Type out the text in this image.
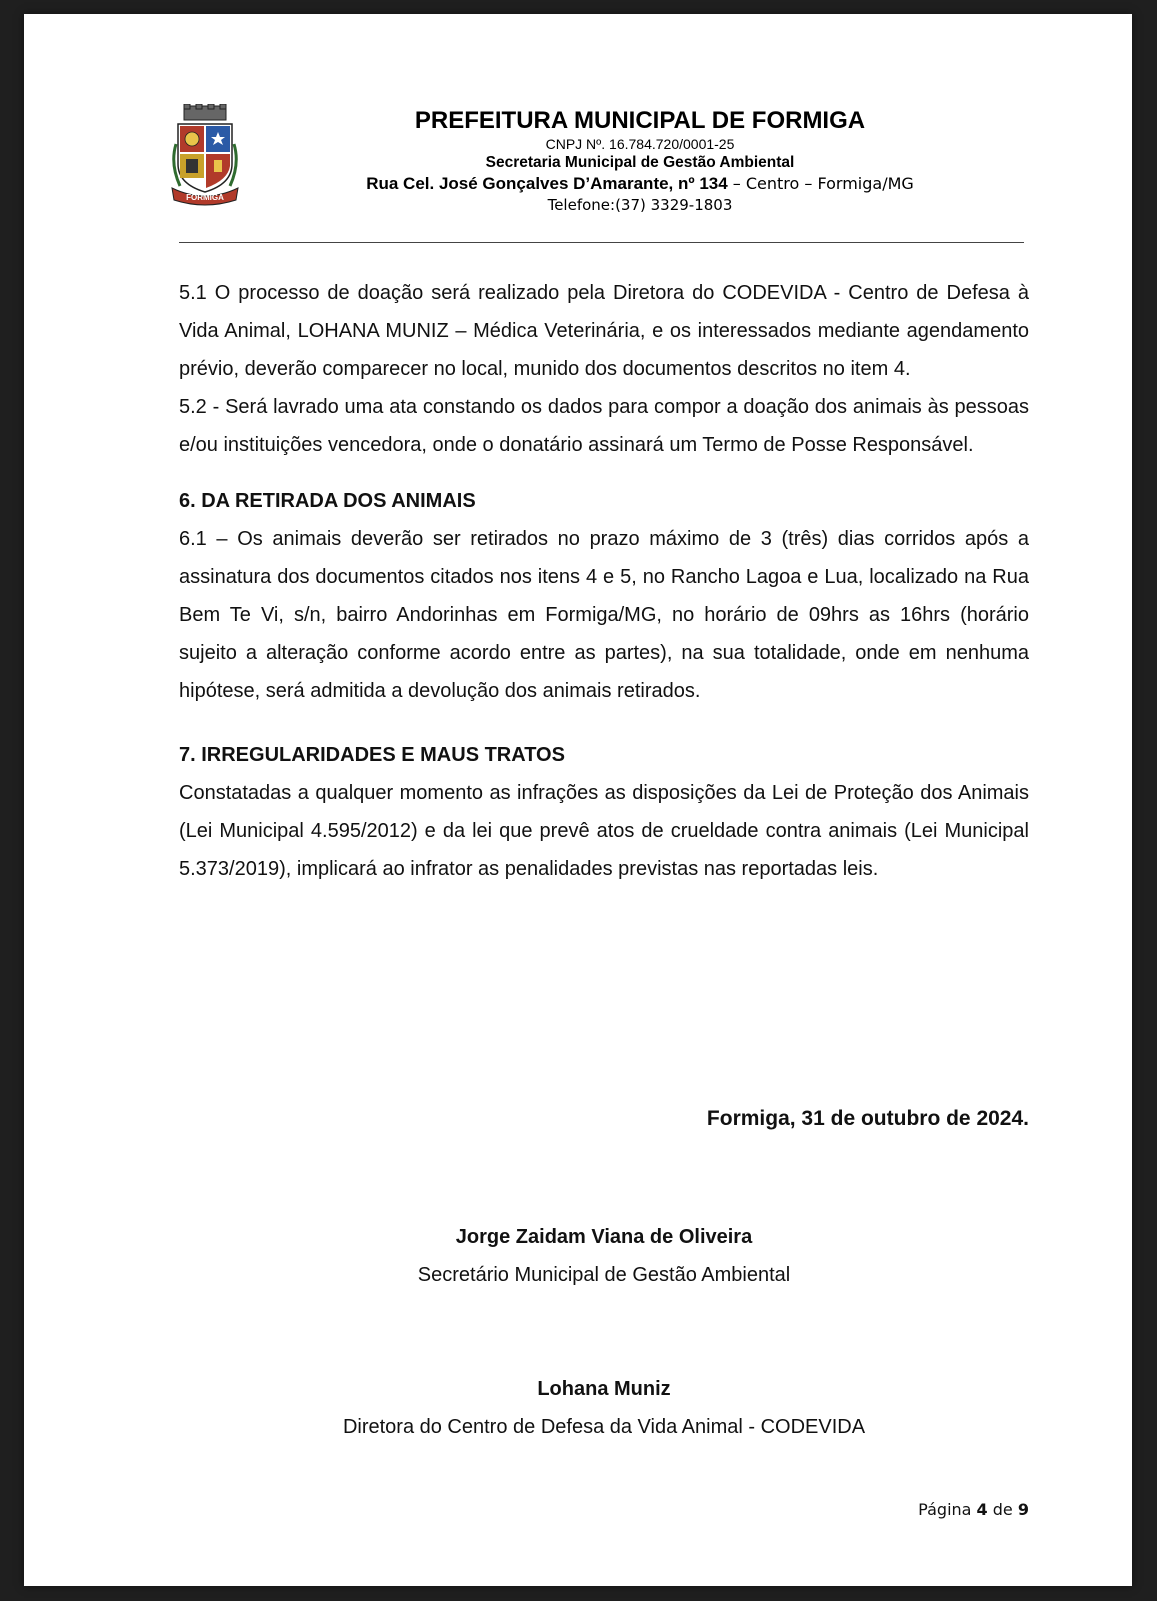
FORMIGA
PREFEITURA MUNICIPAL DE FORMIGA
CNPJ Nº. 16.784.720/0001-25
Secretaria Municipal de Gestão Ambiental
Rua Cel. José Gonçalves D’Amarante, nº 134 – Centro – Formiga/MG
Telefone:(37) 3329-1803

5.1 O processo de doação será realizado pela Diretora do CODEVIDA - Centro de Defesa à Vida Animal, LOHANA MUNIZ – Médica Veterinária, e os interessados mediante agendamento prévio, deverão comparecer no local, munido dos documentos descritos no item 4.

5.2 - Será lavrado uma ata constando os dados para compor a doação dos animais às pessoas e/ou instituições vencedora, onde o donatário assinará um Termo de Posse Responsável.

6. DA RETIRADA DOS ANIMAIS

6.1 – Os animais deverão ser retirados no prazo máximo de 3 (três) dias corridos após a assinatura dos documentos citados nos itens 4 e 5, no Rancho Lagoa e Lua, localizado na Rua Bem Te Vi, s/n, bairro Andorinhas em Formiga/MG, no horário de 09hrs as 16hrs (horário sujeito a alteração conforme acordo entre as partes), na sua totalidade, onde em nenhuma hipótese, será admitida a devolução dos animais retirados.

7. IRREGULARIDADES E MAUS TRATOS

Constatadas a qualquer momento as infrações as disposições da Lei de Proteção dos Animais (Lei Municipal 4.595/2012) e da lei que prevê atos de crueldade contra animais (Lei Municipal 5.373/2019), implicará ao infrator as penalidades previstas nas reportadas leis.

Formiga, 31 de outubro de 2024.
Jorge Zaidam Viana de Oliveira
Secretário Municipal de Gestão Ambiental
Lohana Muniz
Diretora do Centro de Defesa da Vida Animal - CODEVIDA
Página 4 de 9
